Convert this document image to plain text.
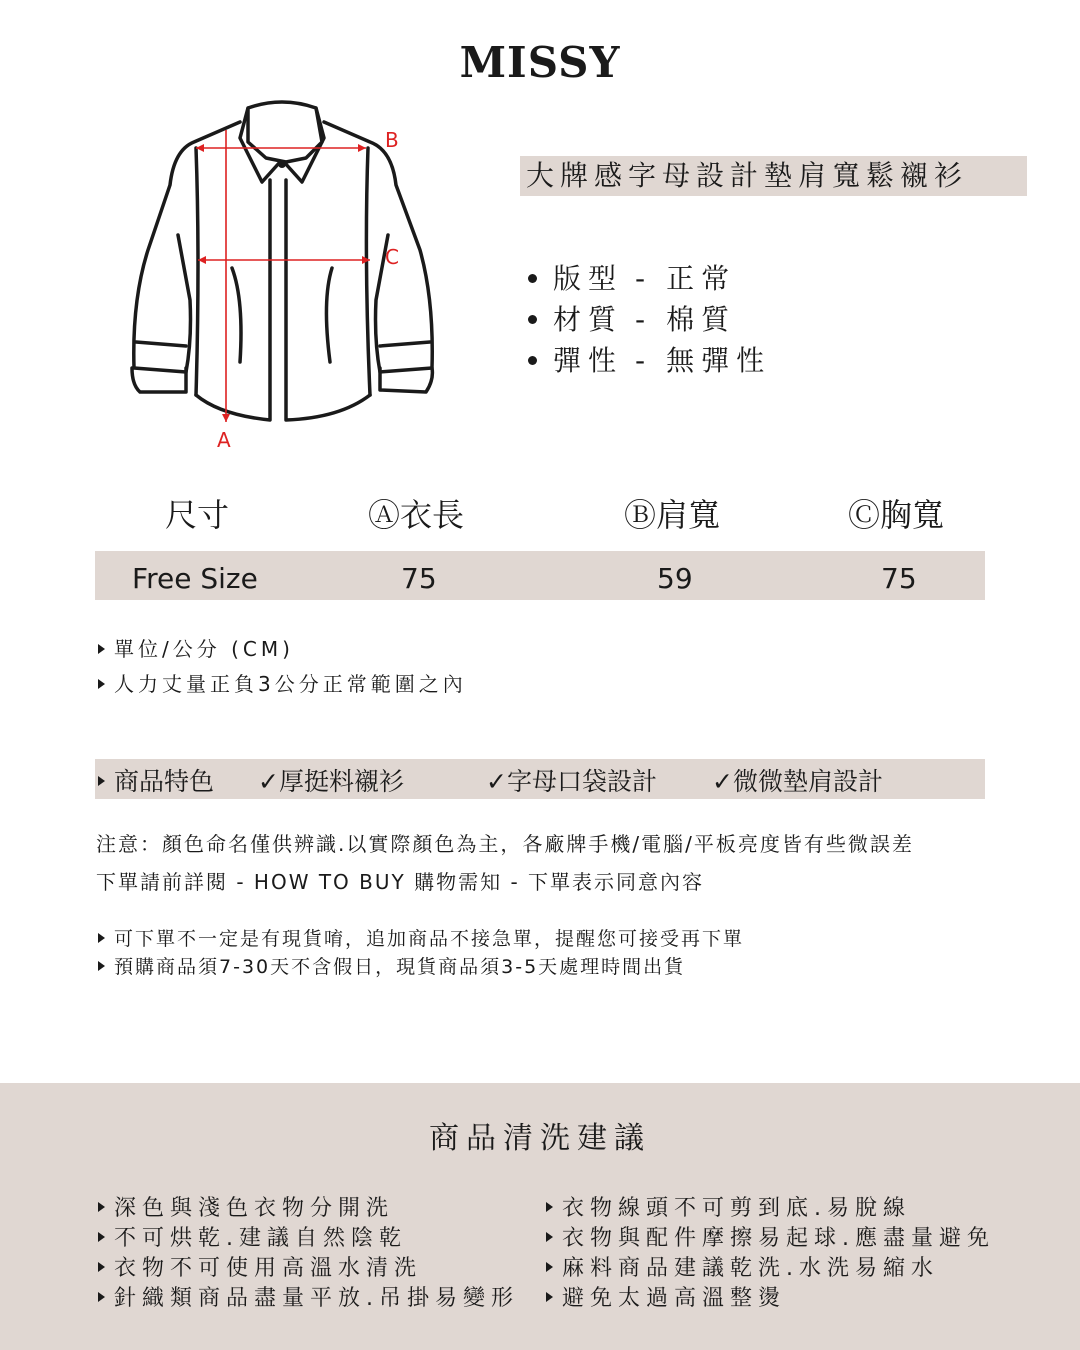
MISSY
B
C
A
大牌感字母設計墊肩寬鬆襯衫
版型 - 正常
材質 - 棉質
彈性 - 無彈性
尺寸	Ⓐ衣長	Ⓑ肩寬	Ⓒ胸寬
Free Size	75	59	75
單位/公分 (CM)
人力丈量正負3公分正常範圍之內
商品特色 ✓厚挺料襯衫	✓字母口袋設計 ✓微微墊肩設計
注意：顏色命名僅供辨識.以實際顏色為主，各廠牌手機/電腦/平板亮度皆有些微誤差
下單請前詳閱 - HOW TO BUY 購物需知 - 下單表示同意內容
可下單不一定是有現貨唷，追加商品不接急單，提醒您可接受再下單
預購商品須7-30天不含假日，現貨商品須3-5天處理時間出貨
商品清洗建議
深色與淺色衣物分開洗
不可烘乾.建議自然陰乾
衣物不可使用高溫水清洗
針織類商品盡量平放.吊掛易變形
衣物線頭不可剪到底.易脫線
衣物與配件摩擦易起球.應盡量避免
麻料商品建議乾洗.水洗易縮水
避免太過高溫整燙
